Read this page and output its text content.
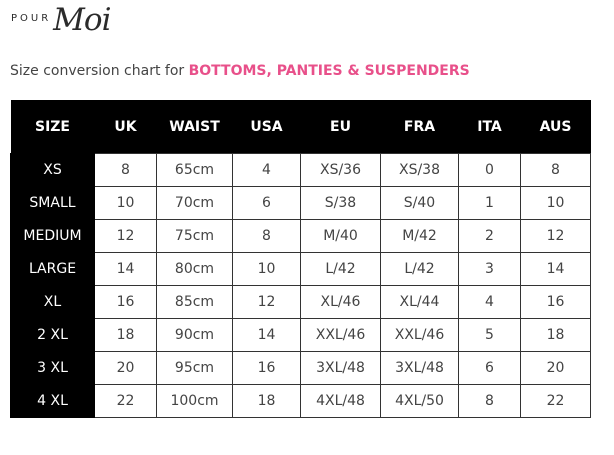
POUR Moi
Size conversion chart for BOTTOMS, PANTIES & SUSPENDERS
SIZE	UK	WAIST	USA	EU	FRA	ITA	AUS
XS	8	65cm	4	XS/36	XS/38	0	8
SMALL	10	70cm	6	S/38	S/40	1	10
MEDIUM	12	75cm	8	M/40	M/42	2	12
LARGE	14	80cm	10	L/42	L/42	3	14
XL	16	85cm	12	XL/46	XL/44	4	16
2 XL	18	90cm	14	XXL/46	XXL/46	5	18
3 XL	20	95cm	16	3XL/48	3XL/48	6	20
4 XL	22	100cm	18	4XL/48	4XL/50	8	22
